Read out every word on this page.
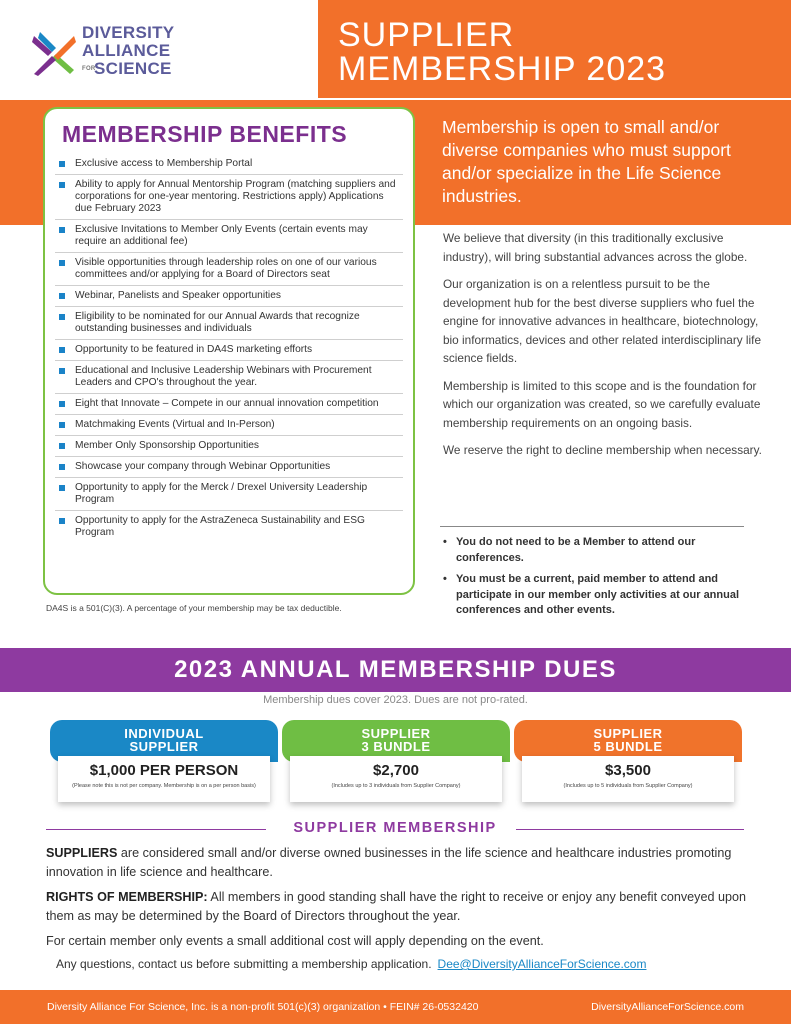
DIVERSITY
ALLIANCE
FORSCIENCE
SUPPLIER
MEMBERSHIP 2023
Membership is open to small and/or diverse companies who must support and/or specialize in the Life Science industries.
MEMBERSHIP BENEFITS
Exclusive access to Membership Portal
Ability to apply for Annual Mentorship Program (matching suppliers and corporations for one-year mentoring. Restrictions apply) Applications due February 2023
Exclusive Invitations to Member Only Events (certain events may require an additional fee)
Visible opportunities through leadership roles on one of our various committees and/or applying for a Board of Directors seat
Webinar, Panelists and Speaker opportunities
Eligibility to be nominated for our Annual Awards that recognize outstanding businesses and individuals
Opportunity to be featured in DA4S marketing efforts
Educational and Inclusive Leadership Webinars with Procurement Leaders and CPO's throughout the year.
Eight that Innovate – Compete in our annual innovation competition
Matchmaking Events (Virtual and In-Person)
Member Only Sponsorship Opportunities
Showcase your company through Webinar Opportunities
Opportunity to apply for the Merck / Drexel University Leadership Program
Opportunity to apply for the AstraZeneca Sustainability and ESG Program
DA4S is a 501(C)(3). A percentage of your membership may be tax deductible.

We believe that diversity (in this traditionally exclusive industry), will bring substantial advances across the globe.

Our organization is on a relentless pursuit to be the development hub for the best diverse suppliers who fuel the engine for innovative advances in healthcare, biotechnology, bio informatics, devices and other related interdisciplinary life science fields.

Membership is limited to this scope and is the foundation for which our organization was created, so we carefully evaluate membership requirements on an ongoing basis.

We reserve the right to decline membership when necessary.

• You do not need to be a Member to attend our conferences.
• You must be a current, paid member to attend and participate in our member only activities at our annual conferences and other events.
2023 ANNUAL MEMBERSHIP DUES
Membership dues cover 2023. Dues are not pro-rated.
INDIVIDUAL
SUPPLIER
$1,000 PER PERSON
(Please note this is not per company. Membership is on a per person basis)
SUPPLIER
3 BUNDLE
$2,700
(Includes up to 3 individuals from Supplier Company)
SUPPLIER
5 BUNDLE
$3,500
(Includes up to 5 individuals from Supplier Company)
SUPPLIER MEMBERSHIP

SUPPLIERS are considered small and/or diverse owned businesses in the life science and healthcare industries promoting innovation in life science and healthcare.

RIGHTS OF MEMBERSHIP: All members in good standing shall have the right to receive or enjoy any benefit conveyed upon them as may be determined by the Board of Directors throughout the year.

For certain member only events a small additional cost will apply depending on the event.

Any questions, contact us before submitting a membership application. Dee@DiversityAllianceForScience.com
Diversity Alliance For Science, Inc. is a non-profit 501(c)(3) organization • FEIN# 26-0532420	DiversityAllianceForScience.com
